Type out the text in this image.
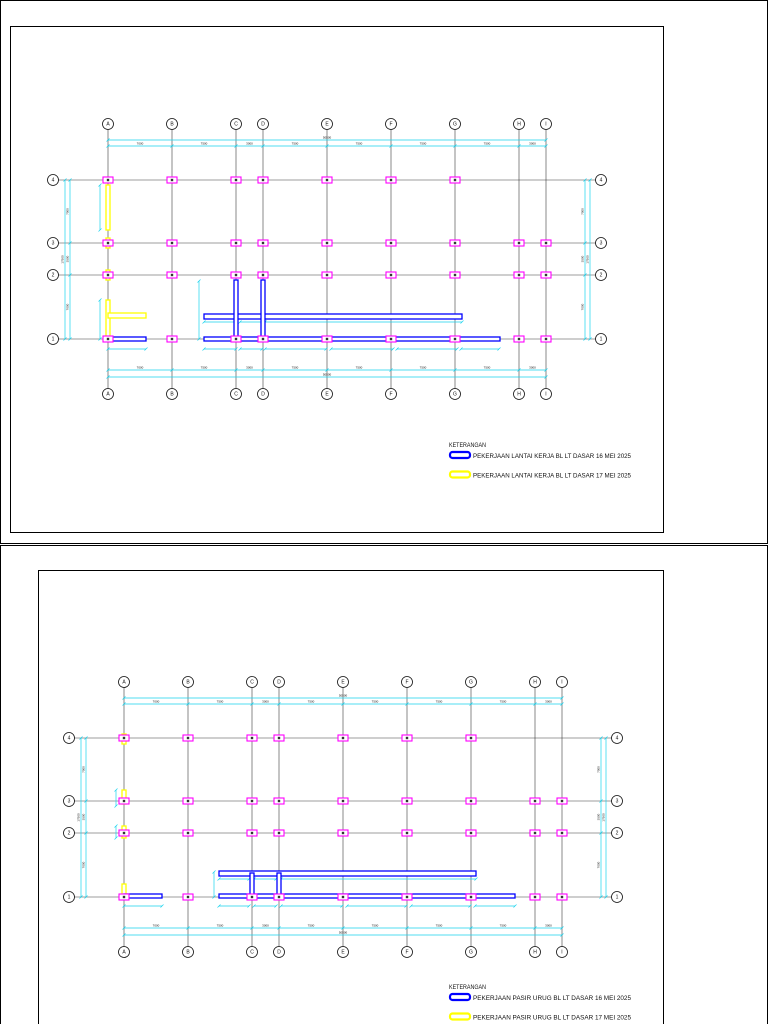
A
A
B
B
C
C
D
D
E
E
F
F
G
G
H
H
I
I
4	4
3	3
2	2
1	1
7000
7000
7500
7500
3000
3000
7500
7500
7500
7500
7500
7500
7500
7500
3000
3000
50500
50500
7000	7000
3500	3500
7000	7000
17500	17500
KETERANGAN
PEKERJAAN LANTAI KERJA BL LT DASAR 16 MEI 2025
PEKERJAAN LANTAI KERJA BL LT DASAR 17 MEI 2025
A
A
B
B
C
C
D
D
E
E
F
F
G
G
H
H
I
I
4	4
3	3
2	2
1	1
7000
7000
7500
7500
3000
3000
7500
7500
7500
7500
7500
7500
7500
7500
3000
3000
50500
50500
7000	7000
3500	3500
7000	7000
17500	17500
KETERANGAN
PEKERJAAN PASIR URUG BL LT DASAR 16 MEI 2025
PEKERJAAN PASIR URUG BL LT DASAR 17 MEI 2025
